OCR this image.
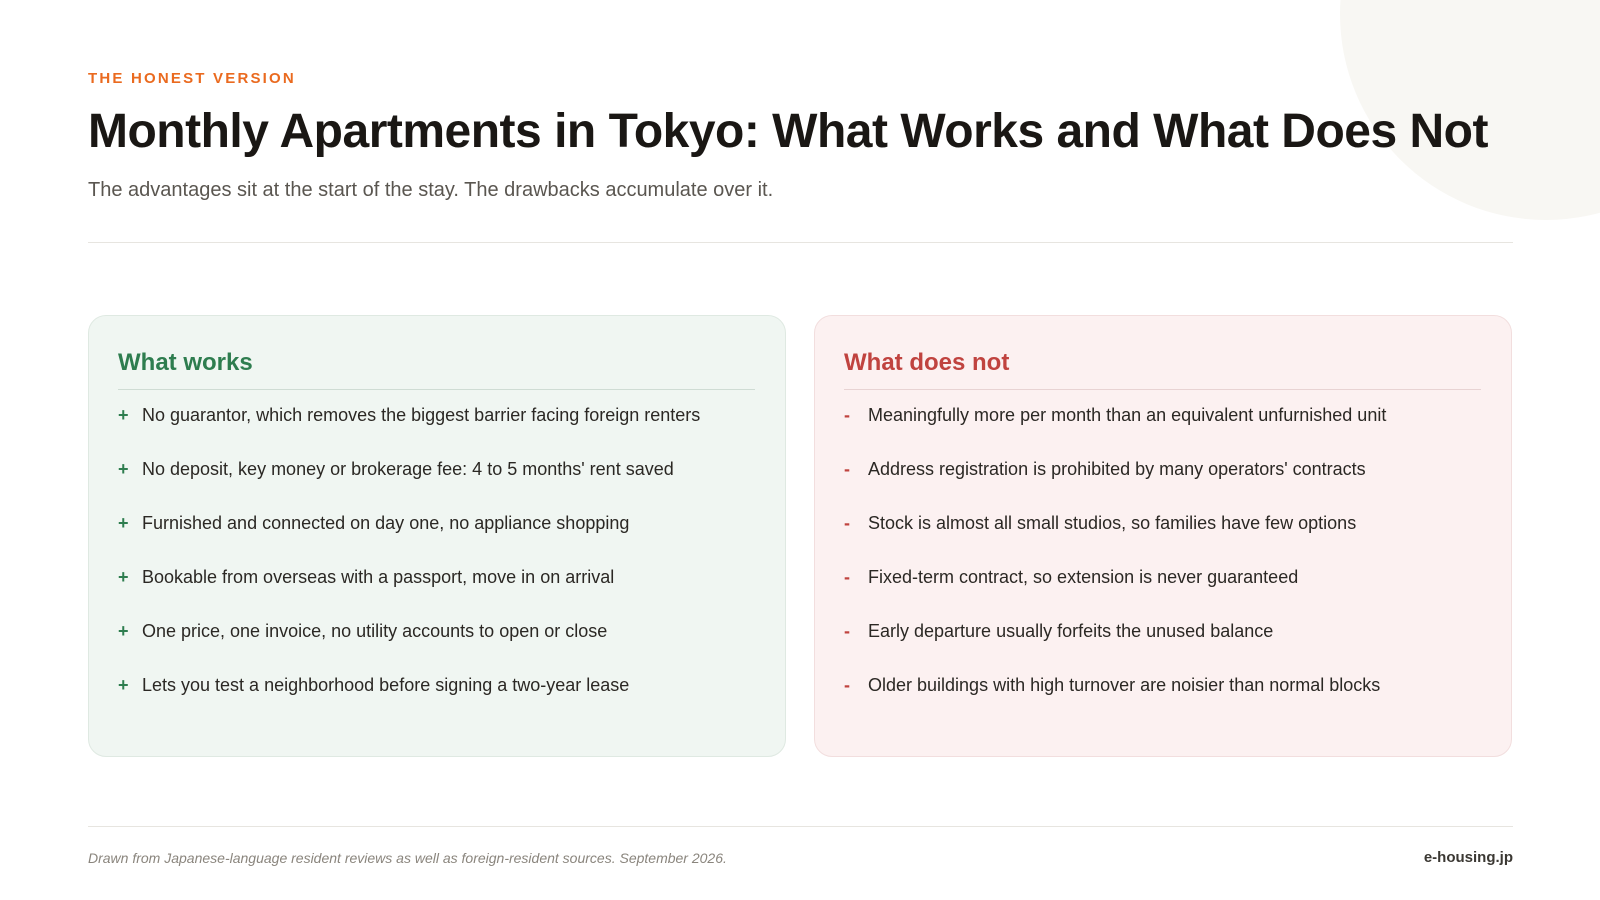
THE HONEST VERSION
Monthly Apartments in Tokyo: What Works and What Does Not

The advantages sit at the start of the stay. The drawbacks accumulate over it.

What works
+ No guarantor, which removes the biggest barrier facing foreign renters
+ No deposit, key money or brokerage fee: 4 to 5 months' rent saved
+ Furnished and connected on day one, no appliance shopping
+ Bookable from overseas with a passport, move in on arrival
+ One price, one invoice, no utility accounts to open or close
+ Lets you test a neighborhood before signing a two-year lease
What does not
-	Meaningfully more per month than an equivalent unfurnished unit
-	Address registration is prohibited by many operators' contracts
-	Stock is almost all small studios, so families have few options
-	Fixed-term contract, so extension is never guaranteed
-	Early departure usually forfeits the unused balance
-	Older buildings with high turnover are noisier than normal blocks
Drawn from Japanese-language resident reviews as well as foreign-resident sources. September 2026.	e-housing.jp
